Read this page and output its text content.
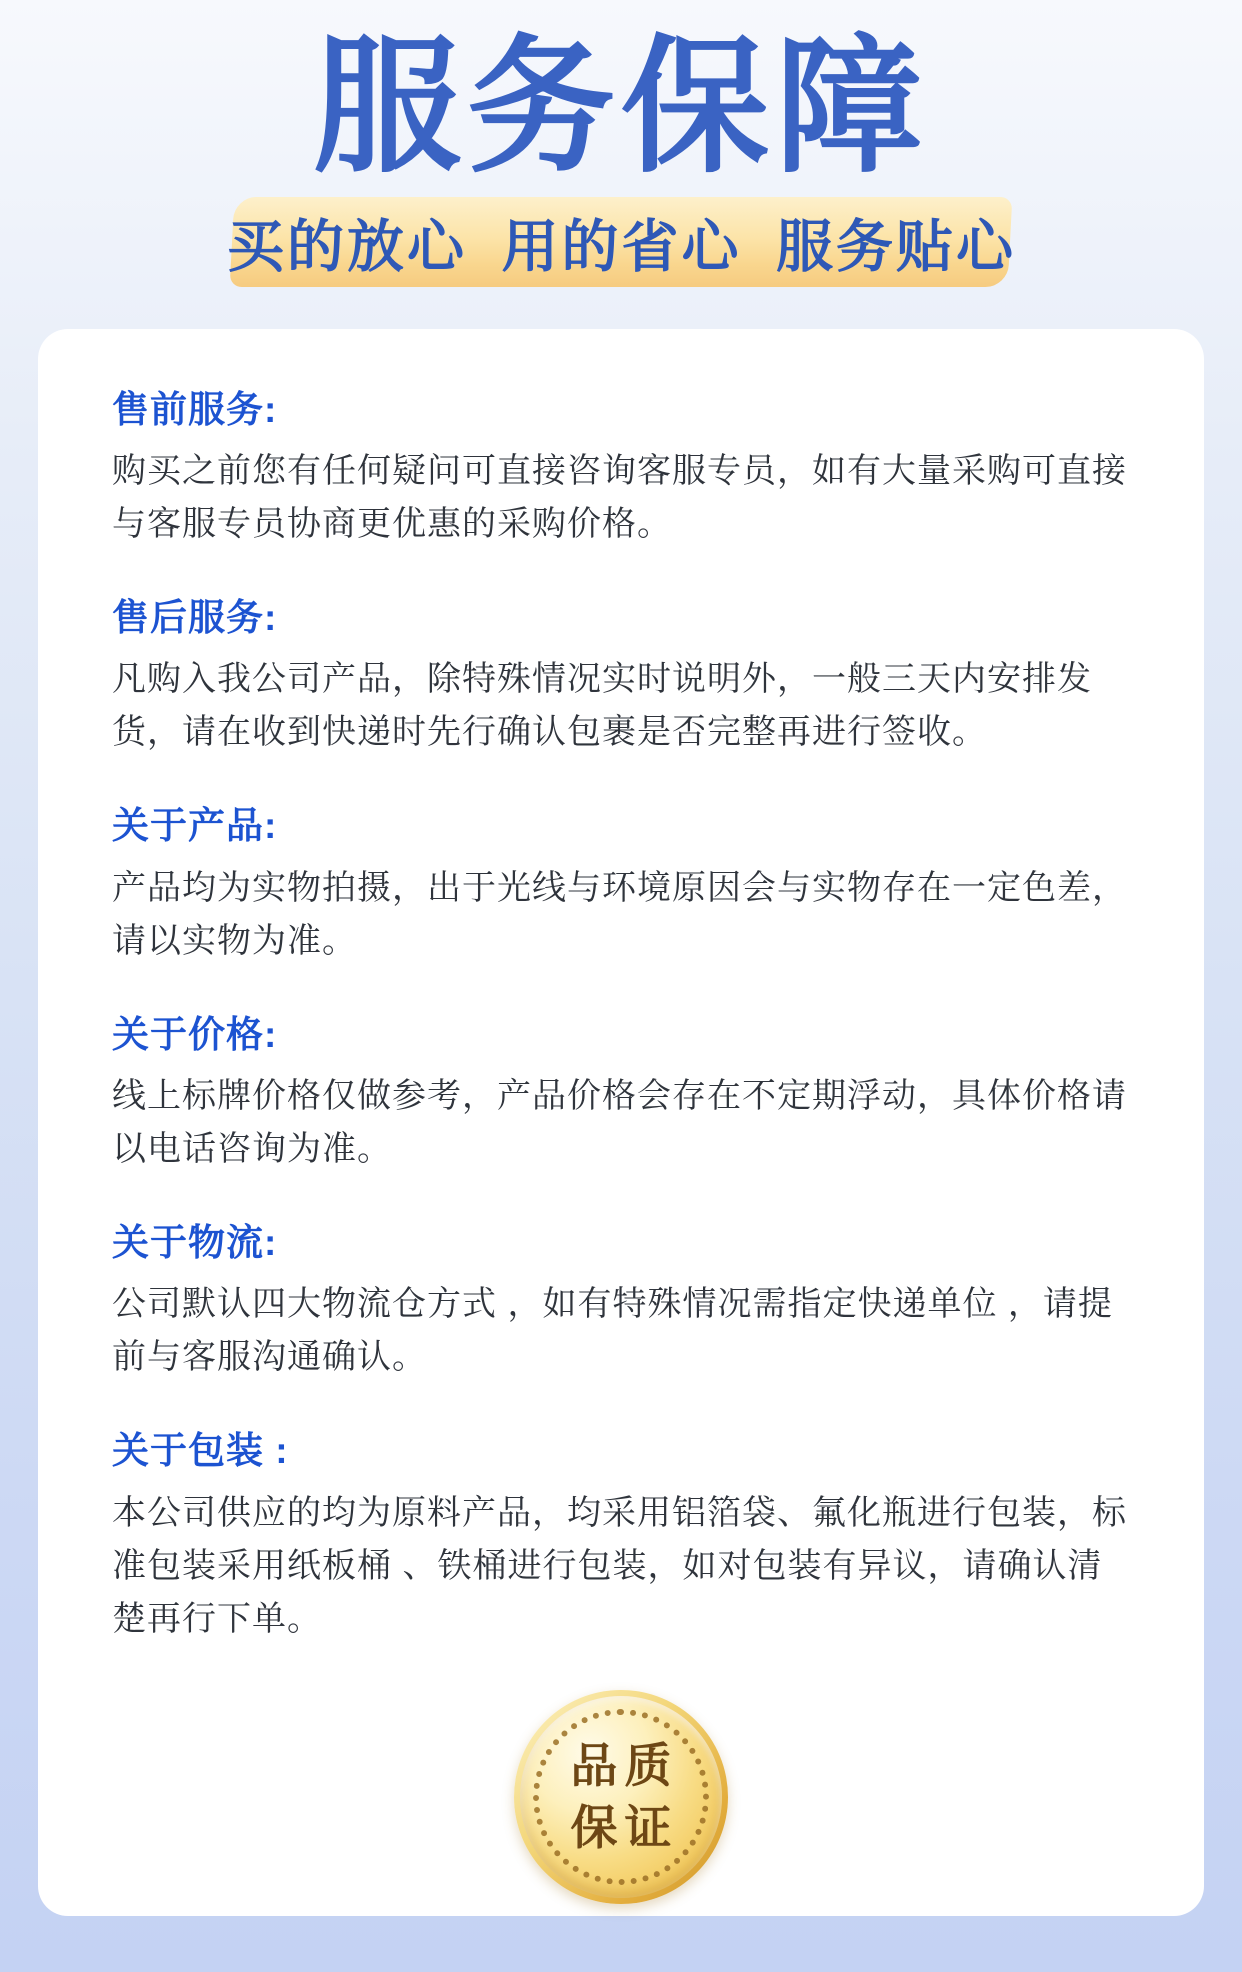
服务保障
买的放心  用的省心  服务贴心
售前服务:

购买之前您有任何疑问可直接咨询客服专员，如有大量采购可直接与客服专员协商更优惠的采购价格。

售后服务:

凡购入我公司产品，除特殊情况实时说明外，一般三天内安排发货，请在收到快递时先行确认包裹是否完整再进行签收。

关于产品:

产品均为实物拍摄，出于光线与环境原因会与实物存在一定色差，请以实物为准。

关于价格:

线上标牌价格仅做参考，产品价格会存在不定期浮动，具体价格请以电话咨询为准。

关于物流:

公司默认四大物流仓方式 ，如有特殊情况需指定快递单位 ，请提前与客服沟通确认。

关于包装 :

本公司供应的均为原料产品，均采用铝箔袋、氟化瓶进行包装，标准包装采用纸板桶 、铁桶进行包装，如对包装有异议，请确认清楚再行下单。

品质
保证
